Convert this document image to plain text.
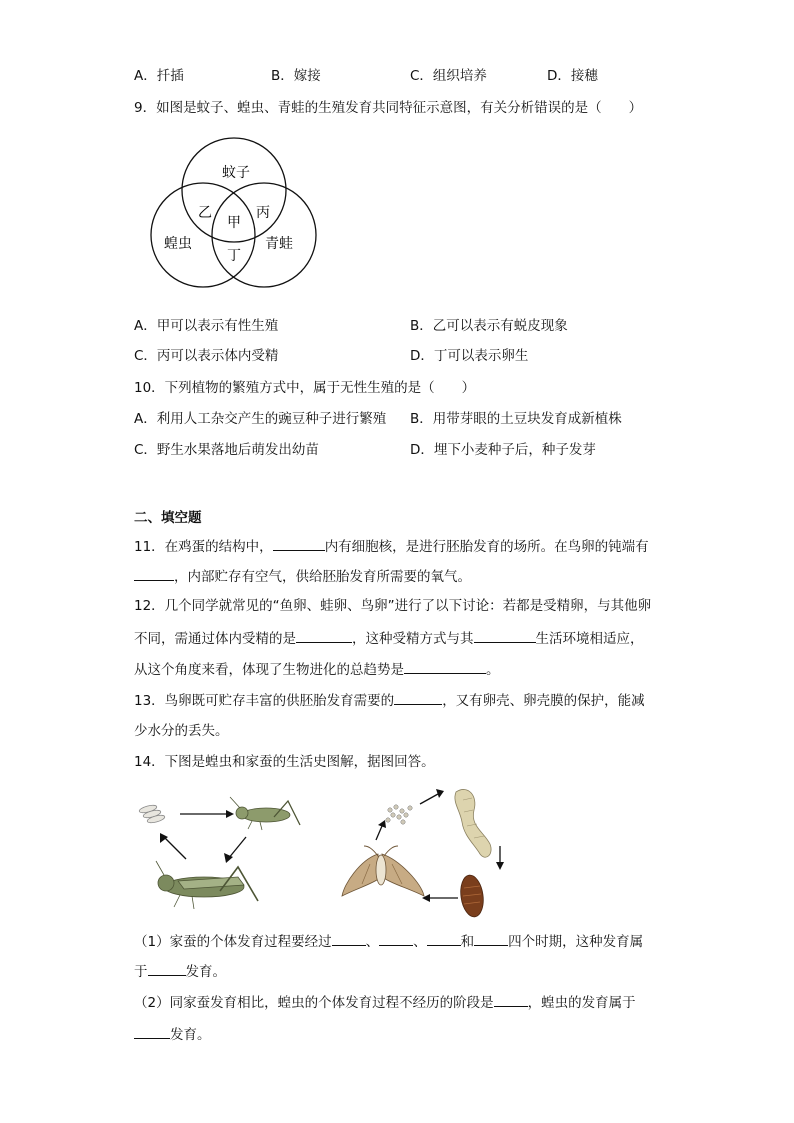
A．扦插	B．嫁接	C．组织培养	D．接穗
9．如图是蚊子、蝗虫、青蛙的生殖发育共同特征示意图，有关分析错误的是（　　）
蚊子
蝗虫	青蛙
乙
甲
丙
丁
A．甲可以表示有性生殖	B．乙可以表示有蜕皮现象
C．丙可以表示体内受精	D．丁可以表示卵生
10．下列植物的繁殖方式中，属于无性生殖的是（　　）
A．利用人工杂交产生的豌豆种子进行繁殖 B．用带芽眼的土豆块发育成新植株
C．野生水果落地后萌发出幼苗	D．埋下小麦种子后，种子发芽
二、填空题
11．在鸡蛋的结构中，	内有细胞核，是进行胚胎发育的场所。在鸟卵的钝端有
，内部贮存有空气，供给胚胎发育所需要的氧气。
12．几个同学就常见的“鱼卵、蛙卵、鸟卵”进行了以下讨论：若都是受精卵，与其他卵
不同，需通过体内受精的是	，这种受精方式与其	生活环境相适应，
从这个角度来看，体现了生物进化的总趋势是	。
13．鸟卵既可贮存丰富的供胚胎发育需要的	，又有卵壳、卵壳膜的保护，能减
少水分的丢失。
14．下图是蝗虫和家蚕的生活史图解，据图回答。
（1）家蚕的个体发育过程要经过	、	、	和	四个时期，这种发育属
于	发育。
（2）同家蚕发育相比，蝗虫的个体发育过程不经历的阶段是	，蝗虫的发育属于
发育。
